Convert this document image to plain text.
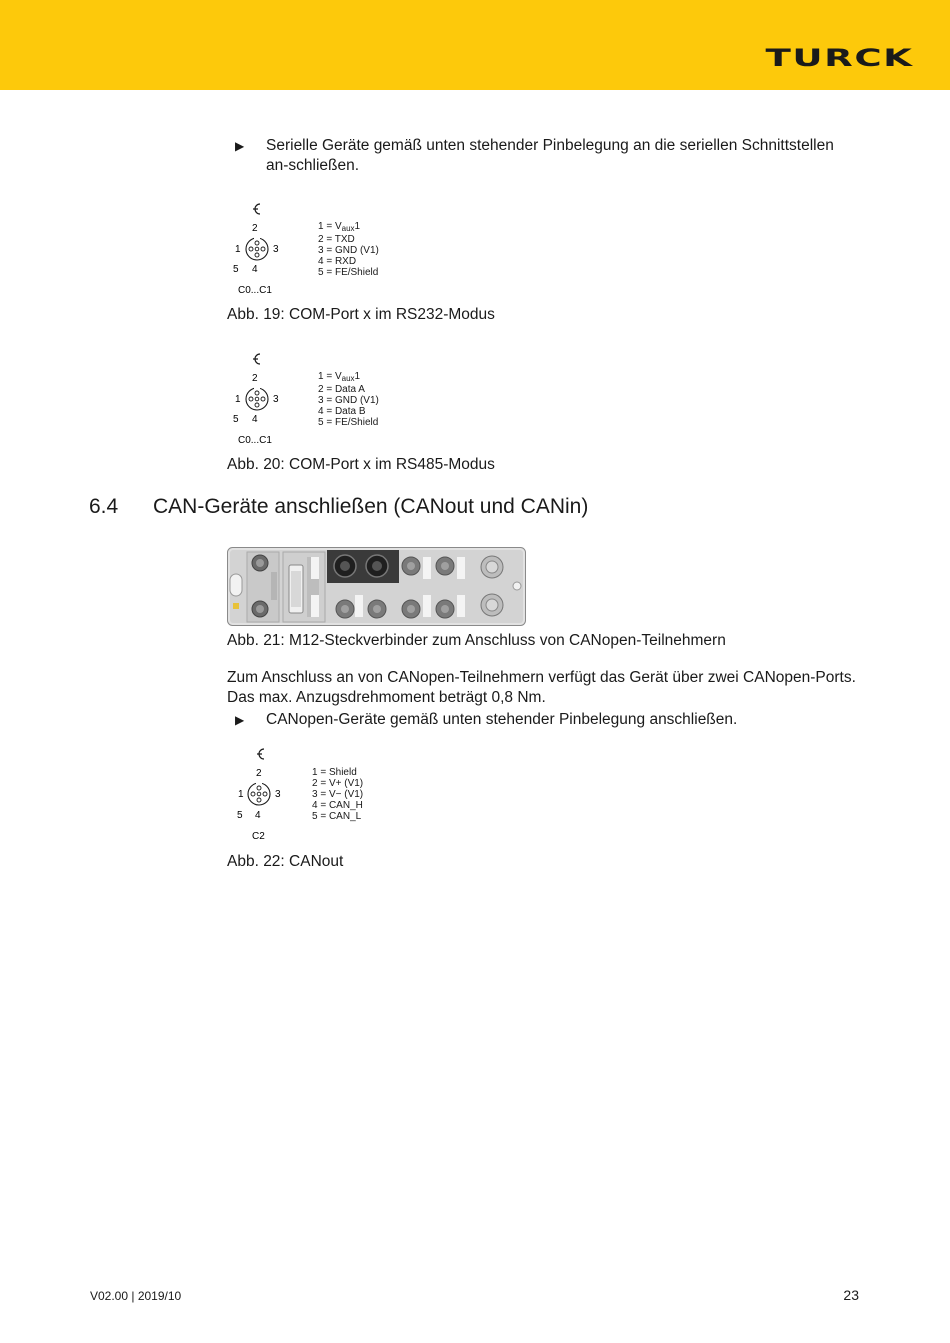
TURCK
▶ Serielle Geräte gemäß unten stehender Pinbelegung an die seriellen Schnittstellen an-schließen.
2
1	3
5 4
C0...C1
$1 = V_{aux}1$
2 = TXD
3 = GND (V1)
4 = RXD
5 = FE/Shield
Abb. 19: COM-Port x im RS232-Modus
2
1	3
5 4
C0...C1
$1 = V_{aux}1$
2 = Data A
3 = GND (V1)
4 = Data B
5 = FE/Shield
Abb. 20: COM-Port x im RS485-Modus
6.4 CAN-Geräte anschließen (CANout und CANin)
Abb. 21: M12-Steckverbinder zum Anschluss von CANopen-Teilnehmern
Zum Anschluss an von CANopen-Teilnehmern verfügt das Gerät über zwei CANopen-Ports. Das max. Anzugsdrehmoment beträgt 0,8 Nm.
▶ CANopen-Geräte gemäß unten stehender Pinbelegung anschließen.
2
1	3
5 4
C2
1 = Shield
2 = V+ (V1)
3 = V− (V1)
4 = CAN_H
5 = CAN_L
Abb. 22: CANout
V02.00 | 2019/10	23
